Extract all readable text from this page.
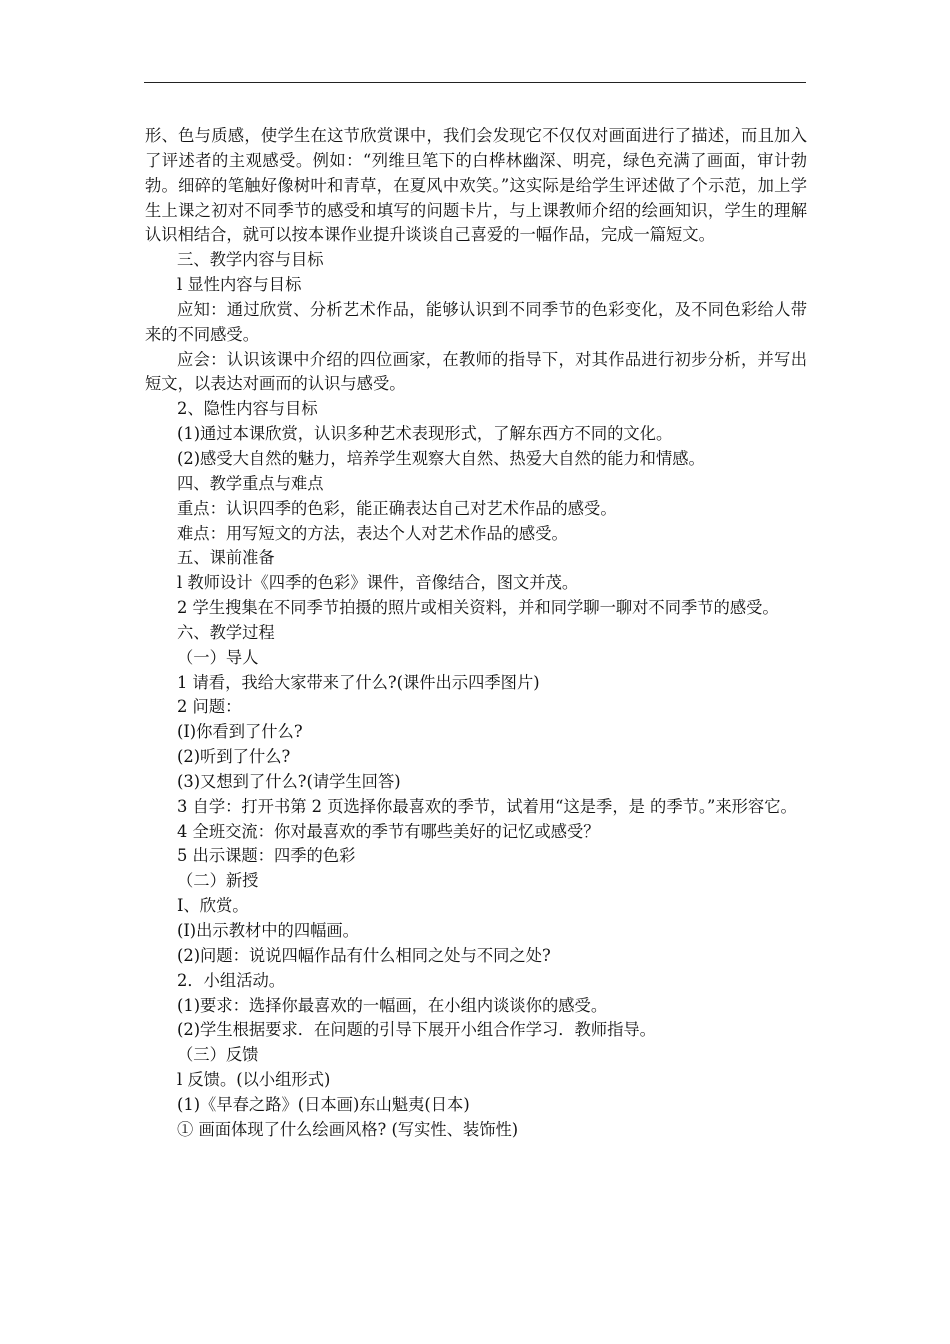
形、色与质感，使学生在这节欣赏课中，我们会发现它不仅仅对画面进行了描述，而且加入了评述者的主观感受。例如：“列维旦笔下的白桦林幽深、明亮，绿色充满了画面，审计勃勃。细碎的笔触好像树叶和青草，在夏风中欢笑。”这实际是给学生评述做了个示范，加上学生上课之初对不同季节的感受和填写的问题卡片，与上课教师介绍的绘画知识，学生的理解认识相结合，就可以按本课作业提升谈谈自己喜爱的一幅作品，完成一篇短文。

三、教学内容与目标

l 显性内容与目标

应知：通过欣赏、分析艺术作品，能够认识到不同季节的色彩变化，及不同色彩给人带来的不同感受。

应会：认识该课中介绍的四位画家，在教师的指导下，对其作品进行初步分析，并写出短文，以表达对画而的认识与感受。

2、隐性内容与目标

(1)通过本课欣赏，认识多种艺术表现形式，了解东西方不同的文化。

(2)感受大自然的魅力，培养学生观察大自然、热爱大自然的能力和情感。

四、教学重点与难点

重点：认识四季的色彩，能正确表达自己对艺术作品的感受。

难点：用写短文的方法，表达个人对艺术作品的感受。

五、课前准备

l 教师设计《四季的色彩》课件，音像结合，图文并茂。

2 学生搜集在不同季节拍摄的照片或相关资料，并和同学聊一聊对不同季节的感受。

六、教学过程

（一）导人

1 请看，我给大家带来了什么?(课件出示四季图片)

2 问题：

(I)你看到了什么?

(2)听到了什么?

(3)又想到了什么?(请学生回答)

3 自学：打开书第 2 页选择你最喜欢的季节，试着用“这是季，是 的季节。”来形容它。

4 全班交流：你对最喜欢的季节有哪些美好的记忆或感受？

5 出示课题：四季的色彩

（二）新授

I、欣赏。

(I)出示教材中的四幅画。

(2)问题：说说四幅作品有什么相同之处与不同之处?

2．小组活动。

(1)要求：选择你最喜欢的一幅画，在小组内谈谈你的感受。

(2)学生根据要求．在问题的引导下展开小组合作学习．教师指导。

（三）反馈

l 反馈。(以小组形式)

(1)《早春之路》(日本画)东山魁夷(日本)

① 画面体现了什么绘画风格? (写实性、装饰性)
